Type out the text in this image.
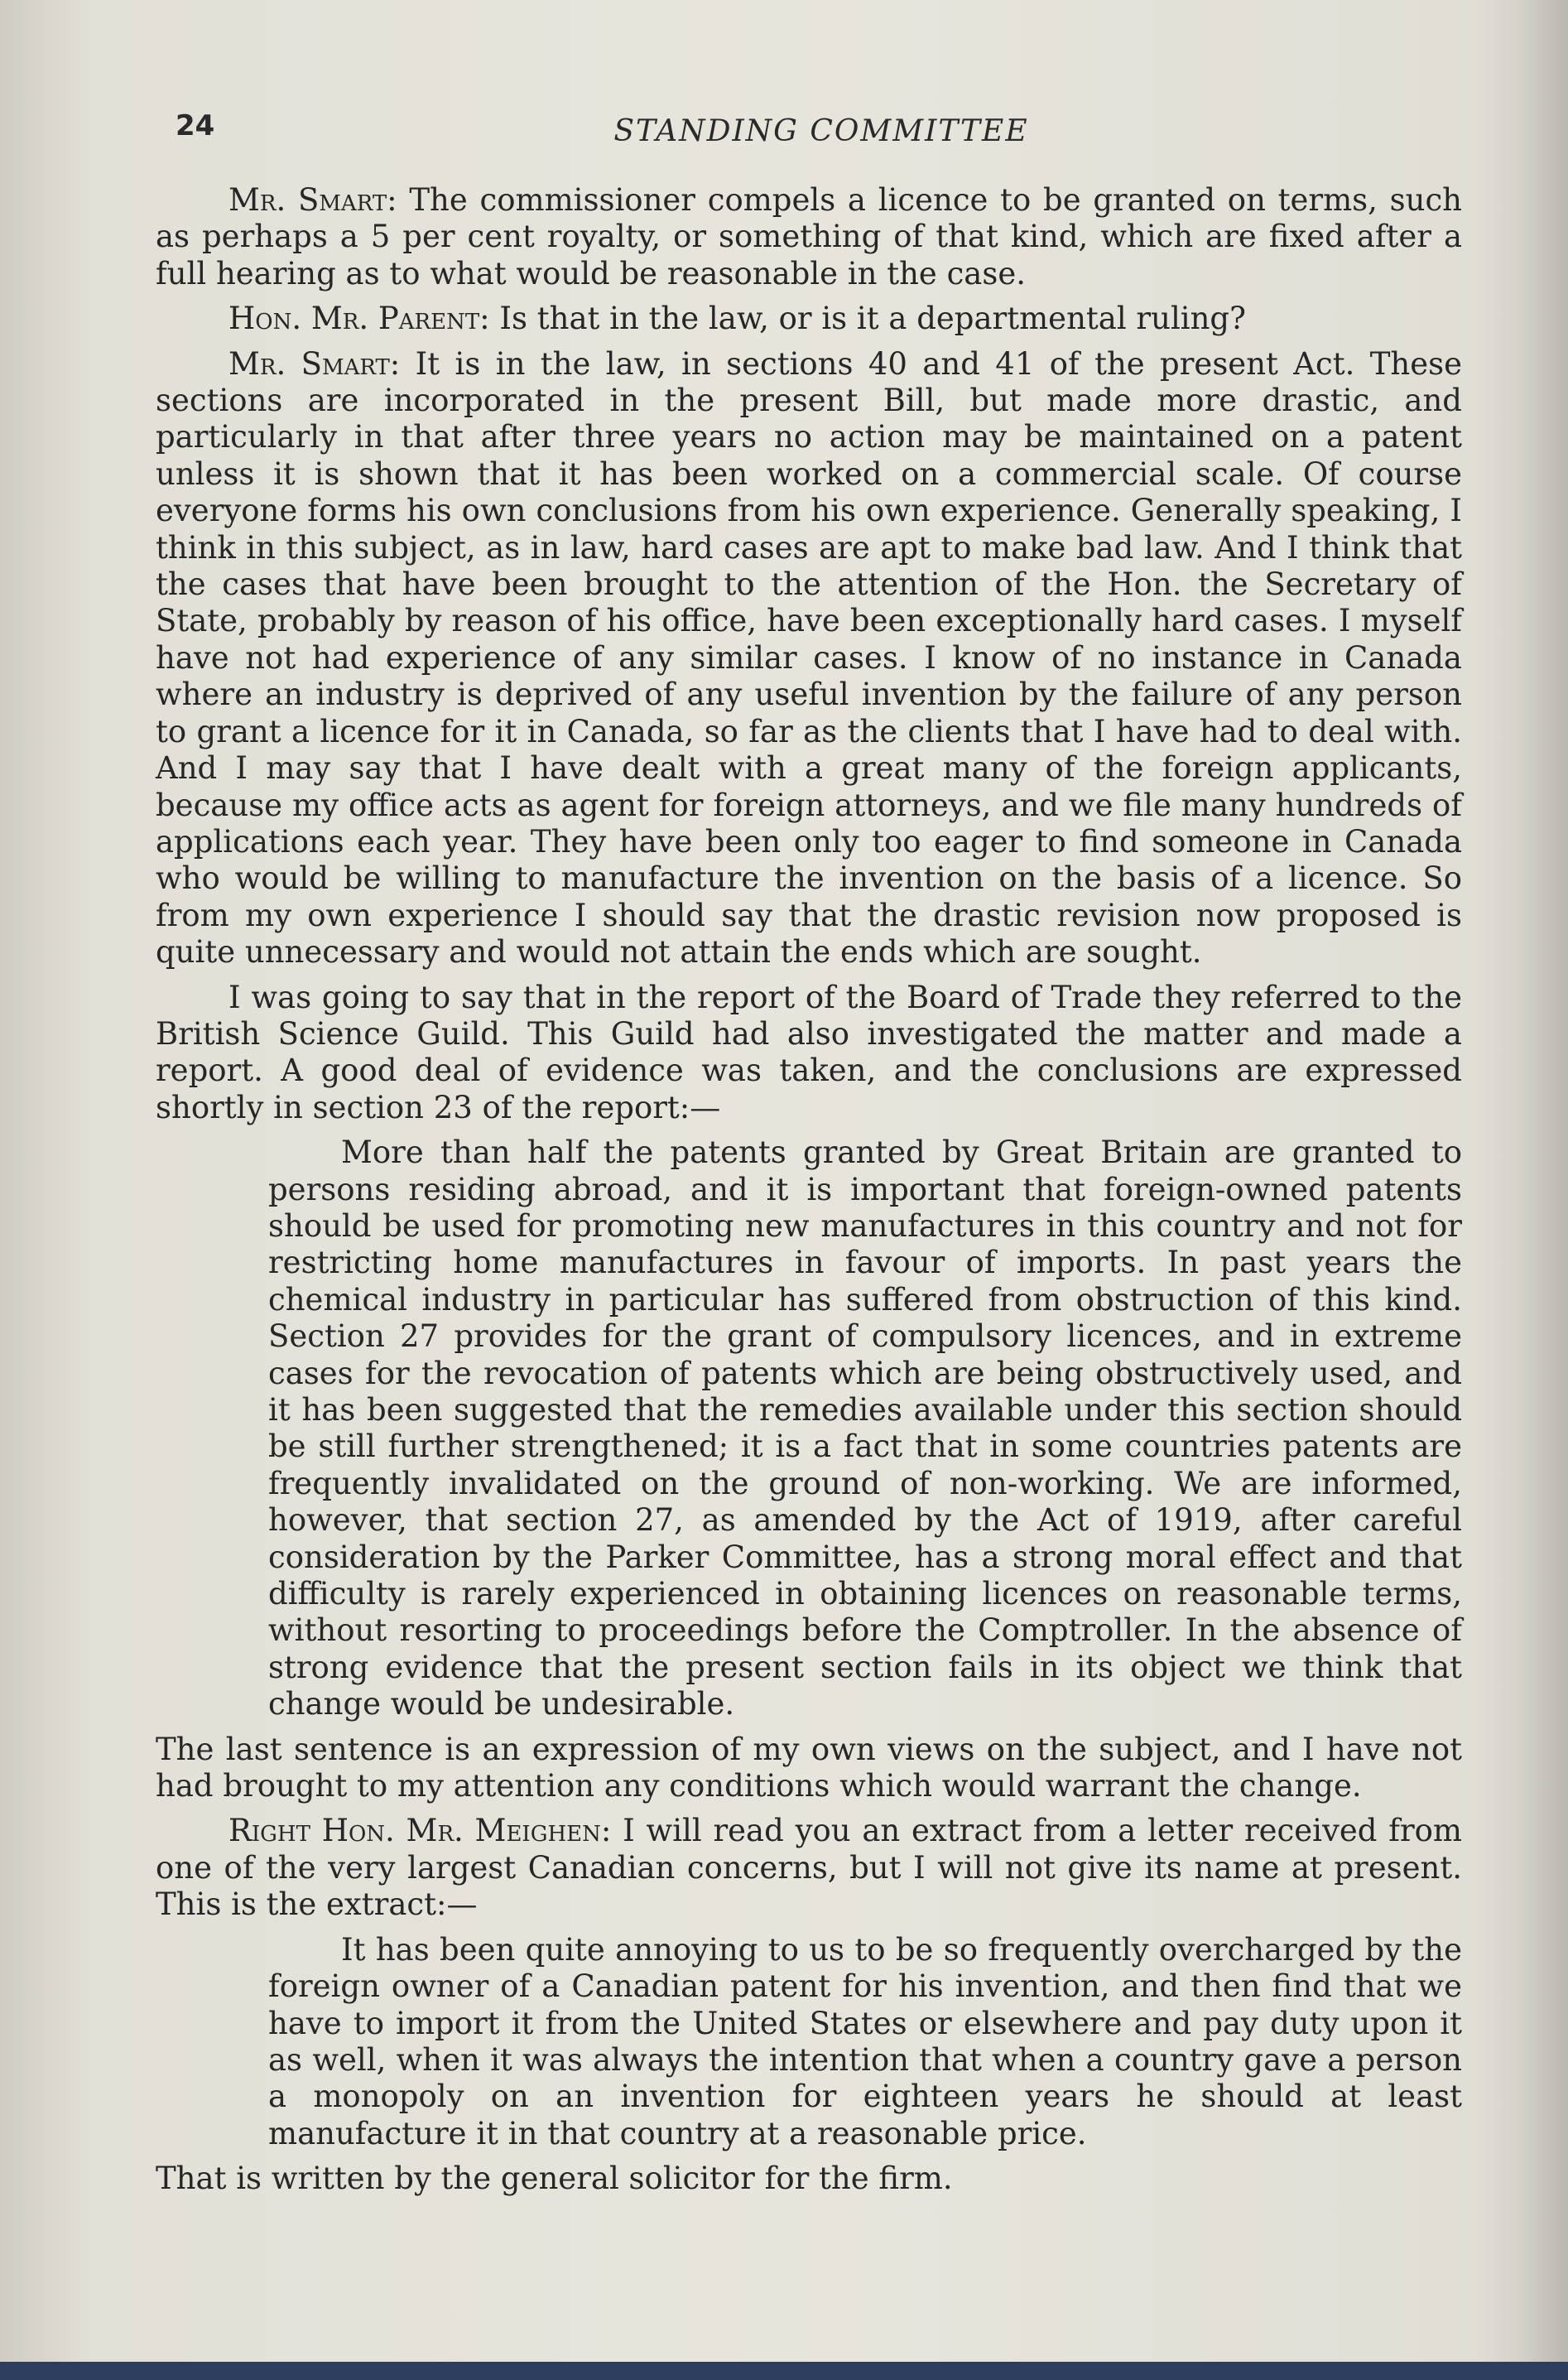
24	STANDING COMMITTEE

Mr. Smart: The commissioner compels a licence to be granted on terms, such as perhaps a 5 per cent royalty, or something of that kind, which are fixed after a full hearing as to what would be reasonable in the case.

Hon. Mr. Parent: Is that in the law, or is it a departmental ruling?

Mr. Smart: It is in the law, in sections 40 and 41 of the present Act. These sections are incorporated in the present Bill, but made more drastic, and particularly in that after three years no action may be maintained on a patent unless it is shown that it has been worked on a commercial scale. Of course everyone forms his own conclusions from his own experience. Generally speaking, I think in this subject, as in law, hard cases are apt to make bad law. And I think that the cases that have been brought to the attention of the Hon. the Secretary of State, probably by reason of his office, have been exceptionally hard cases. I myself have not had experience of any similar cases. I know of no instance in Canada where an industry is deprived of any useful invention by the failure of any person to grant a licence for it in Canada, so far as the clients that I have had to deal with. And I may say that I have dealt with a great many of the foreign applicants, because my office acts as agent for foreign attorneys, and we file many hundreds of applications each year. They have been only too eager to find someone in Canada who would be willing to manufacture the invention on the basis of a licence. So from my own experience I should say that the drastic revision now proposed is quite unnecessary and would not attain the ends which are sought.

I was going to say that in the report of the Board of Trade they referred to the British Science Guild. This Guild had also investigated the matter and made a report. A good deal of evidence was taken, and the conclusions are expressed shortly in section 23 of the report:—

More than half the patents granted by Great Britain are granted to persons residing abroad, and it is important that foreign-owned patents should be used for promoting new manufactures in this country and not for restricting home manufactures in favour of imports. In past years the chemical industry in particular has suffered from obstruction of this kind. Section 27 provides for the grant of compulsory licences, and in extreme cases for the revocation of patents which are being obstructively used, and it has been suggested that the remedies available under this section should be still further strengthened; it is a fact that in some countries patents are frequently invalidated on the ground of non-working. We are informed, however, that section 27, as amended by the Act of 1919, after careful consideration by the Parker Committee, has a strong moral effect and that difficulty is rarely experienced in obtaining licences on reasonable terms, without resorting to proceedings before the Comptroller. In the absence of strong evidence that the present section fails in its object we think that change would be undesirable.

The last sentence is an expression of my own views on the subject, and I have not had brought to my attention any conditions which would warrant the change.

Right Hon. Mr. Meighen: I will read you an extract from a letter received from one of the very largest Canadian concerns, but I will not give its name at present. This is the extract:—

It has been quite annoying to us to be so frequently overcharged by the foreign owner of a Canadian patent for his invention, and then find that we have to import it from the United States or elsewhere and pay duty upon it as well, when it was always the intention that when a country gave a person a monopoly on an invention for eighteen years he should at least manufacture it in that country at a reasonable price.

That is written by the general solicitor for the firm.
